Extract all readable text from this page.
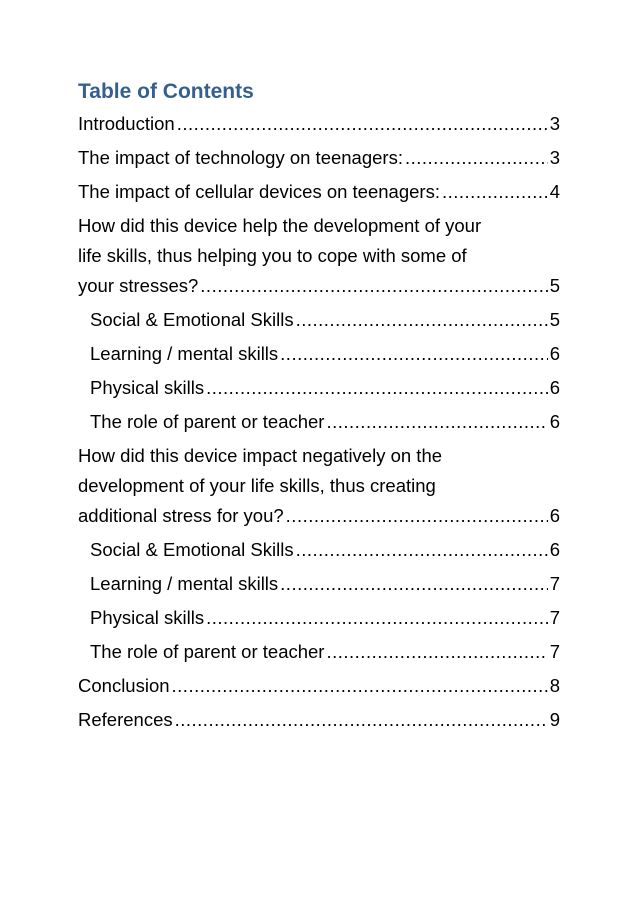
Table of Contents
Introduction .....	3
The impact of technology on teenagers: .....	3
The impact of cellular devices on teenagers: .....	4
How did this device help the development of your
life skills, thus helping you to cope with some of
your stresses? .....	5
Social & Emotional Skills .....	5
Learning / mental skills .....	6
Physical skills .....	6
The role of parent or teacher .....	6
How did this device impact negatively on the
development of your life skills, thus creating
additional stress for you? .....	6
Social & Emotional Skills .....	6
Learning / mental skills .....	7
Physical skills .....	7
The role of parent or teacher .....	7
Conclusion .....	8
References .....	9
